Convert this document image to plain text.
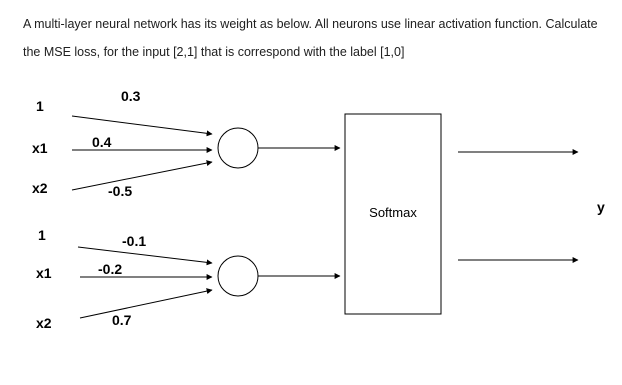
A multi-layer neural network has its weight as below. All neurons use linear activation function. Calculate
the MSE loss, for the input [2,1] that is correspond with the label [1,0]
1
x1
x2
0.3
0.4
-0.5
1
x1
x2
-0.1
-0.2
0.7
Softmax	y
